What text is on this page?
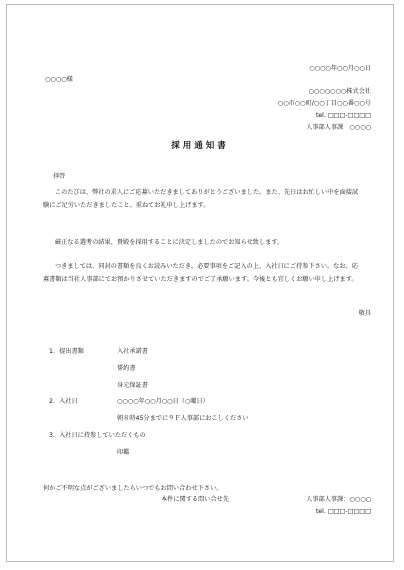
○○○○年○○月○○日
○○○○様
○○○○○○○株式会社
○○市○○町/○○丁目○○番○○号
tel. □□□-□□□□
人事部人事課　○○○○
採用通知書
拝啓
このたびは、弊社の求人にご応募いただきましてありがとうございました。また、先日はお忙しい中を面接試験にご足労いただきましたこと、重ねてお礼申し上げます。
厳正なる選考の結果、貴殿を採用することに決定しましたのでお知らせ致します。
つきましては、同封の書類を良くお読みいただき、必要事項をご記入の上、入社日にご持参下さい。なお、応募書類は当社人事部にてお預かりさせていただきますのでご了承願います。今後とも宜しくお願い申し上げます。
敬具
1．提出書類	入社承諾書
誓約書
身元保証書
2．入社日	○○○○年○○月○○日（○曜日）
朝８時45分までに９Ｆ人事部におこしください
3．入社日に持参していただくもの
印鑑
何かご不明な点がございましたらいつでもお問い合わせ下さい。
本件に関する問い合せ先	人事部人事課：○○○○
tel. □□□-□□□□
